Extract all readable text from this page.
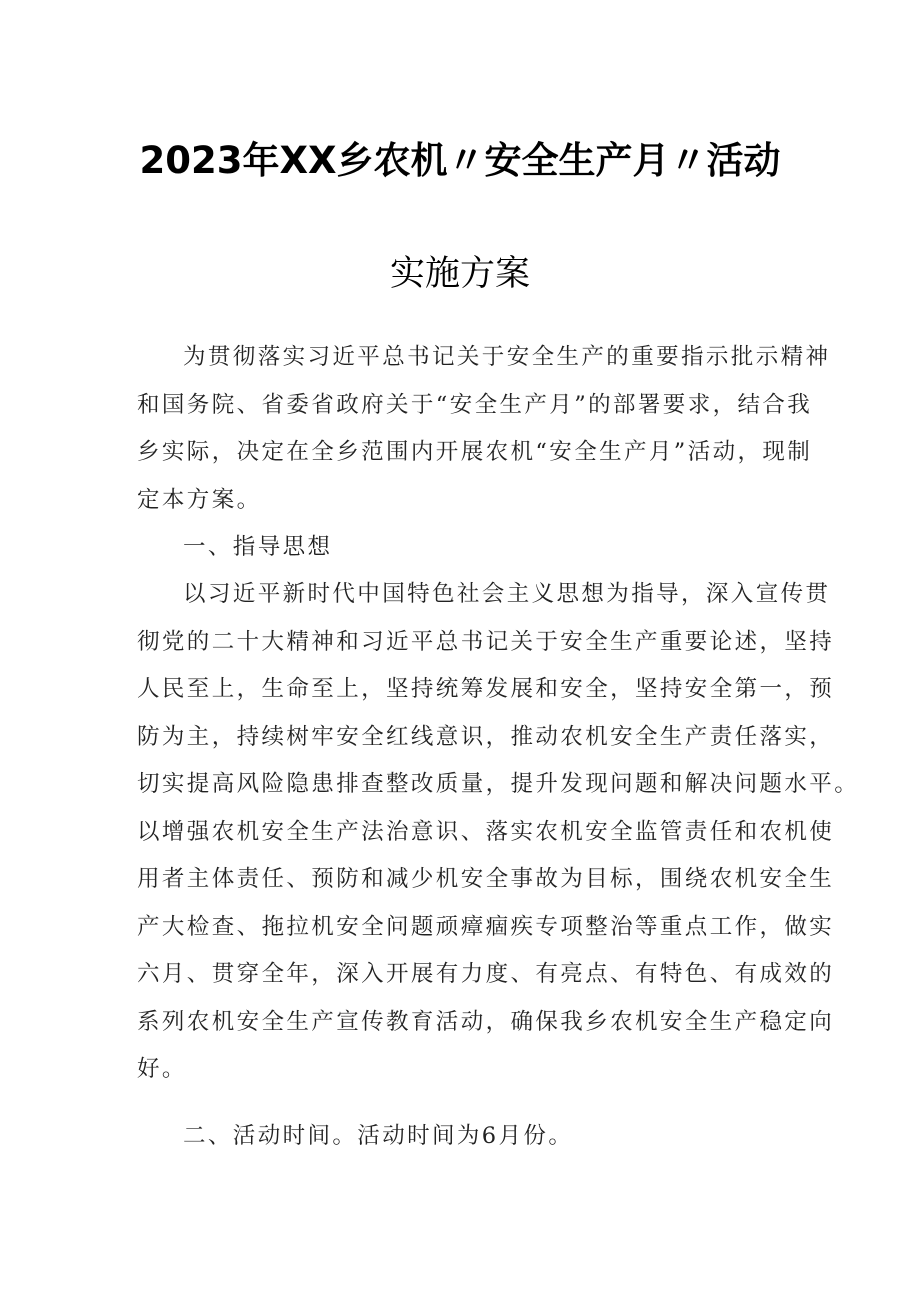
2023年XX乡农机〃安全生产月〃活动
实施方案
为贯彻落实习近平总书记关于安全生产的重要指示批示精神
和国务院、省委省政府关于“安全生产月”的部署要求，结合我
乡实际，决定在全乡范围内开展农机“安全生产月”活动，现制
定本方案。
一、指导思想
以习近平新时代中国特色社会主义思想为指导，深入宣传贯
彻党的二十大精神和习近平总书记关于安全生产重要论述，坚持
人民至上，生命至上，坚持统筹发展和安全，坚持安全第一，预
防为主，持续树牢安全红线意识，推动农机安全生产责任落实，
切实提高风险隐患排查整改质量，提升发现问题和解决问题水平。
以增强农机安全生产法治意识、落实农机安全监管责任和农机使
用者主体责任、预防和减少机安全事故为目标，围绕农机安全生
产大检查、拖拉机安全问题顽瘴痼疾专项整治等重点工作，做实
六月、贯穿全年，深入开展有力度、有亮点、有特色、有成效的
系列农机安全生产宣传教育活动，确保我乡农机安全生产稳定向
好。
二、活动时间。活动时间为6月份。
